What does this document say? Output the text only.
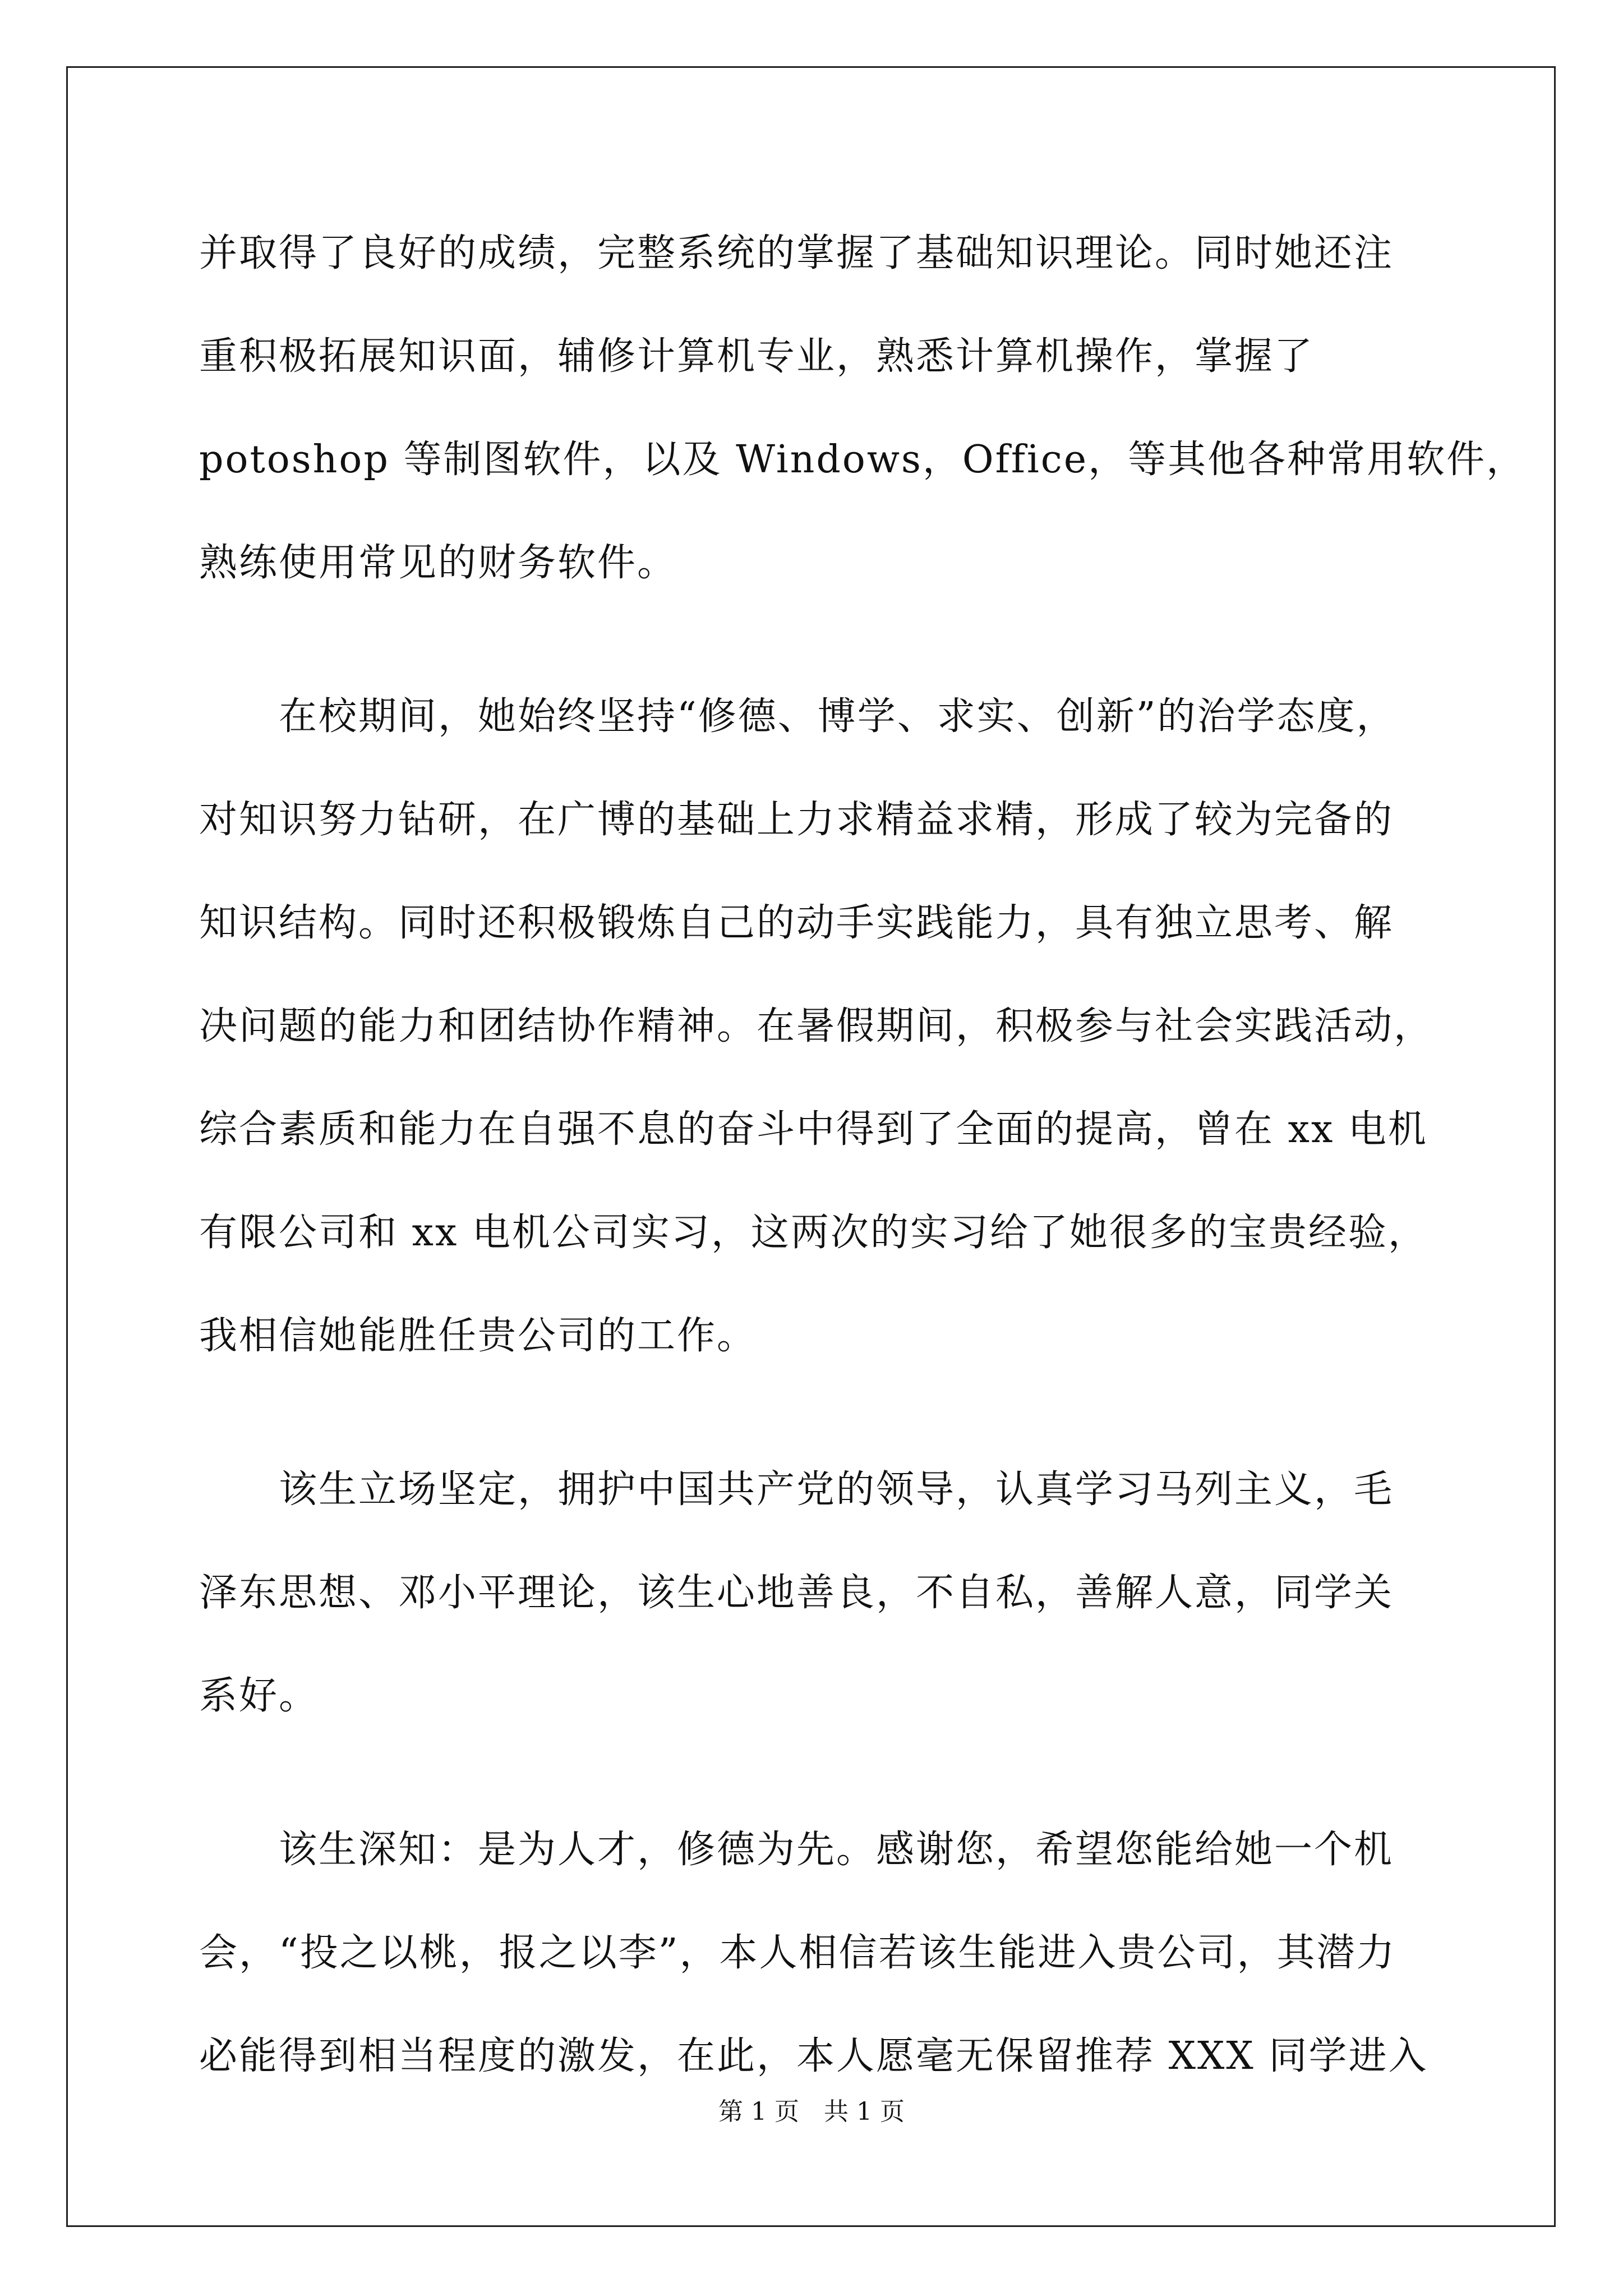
并取得了良好的成绩，完整系统的掌握了基础知识理论。同时她还注
重积极拓展知识面，辅修计算机专业，熟悉计算机操作，掌握了
potoshop 等制图软件，以及 Windows，Office，等其他各种常用软件，
熟练使用常见的财务软件。
　　在校期间，她始终坚持“修德、博学、求实、创新”的治学态度，
对知识努力钻研，在广博的基础上力求精益求精，形成了较为完备的
知识结构。同时还积极锻炼自己的动手实践能力，具有独立思考、解
决问题的能力和团结协作精神。在暑假期间，积极参与社会实践活动，
综合素质和能力在自强不息的奋斗中得到了全面的提高，曾在 xx 电机
有限公司和 xx 电机公司实习，这两次的实习给了她很多的宝贵经验，
我相信她能胜任贵公司的工作。
　　该生立场坚定，拥护中国共产党的领导，认真学习马列主义，毛
泽东思想、邓小平理论，该生心地善良，不自私，善解人意，同学关
系好。
　　该生深知：是为人才，修德为先。感谢您，希望您能给她一个机
会，“投之以桃，报之以李”，本人相信若该生能进入贵公司，其潜力
必能得到相当程度的激发，在此，本人愿毫无保留推荐 XXX 同学进入
第 1 页　共 1 页
